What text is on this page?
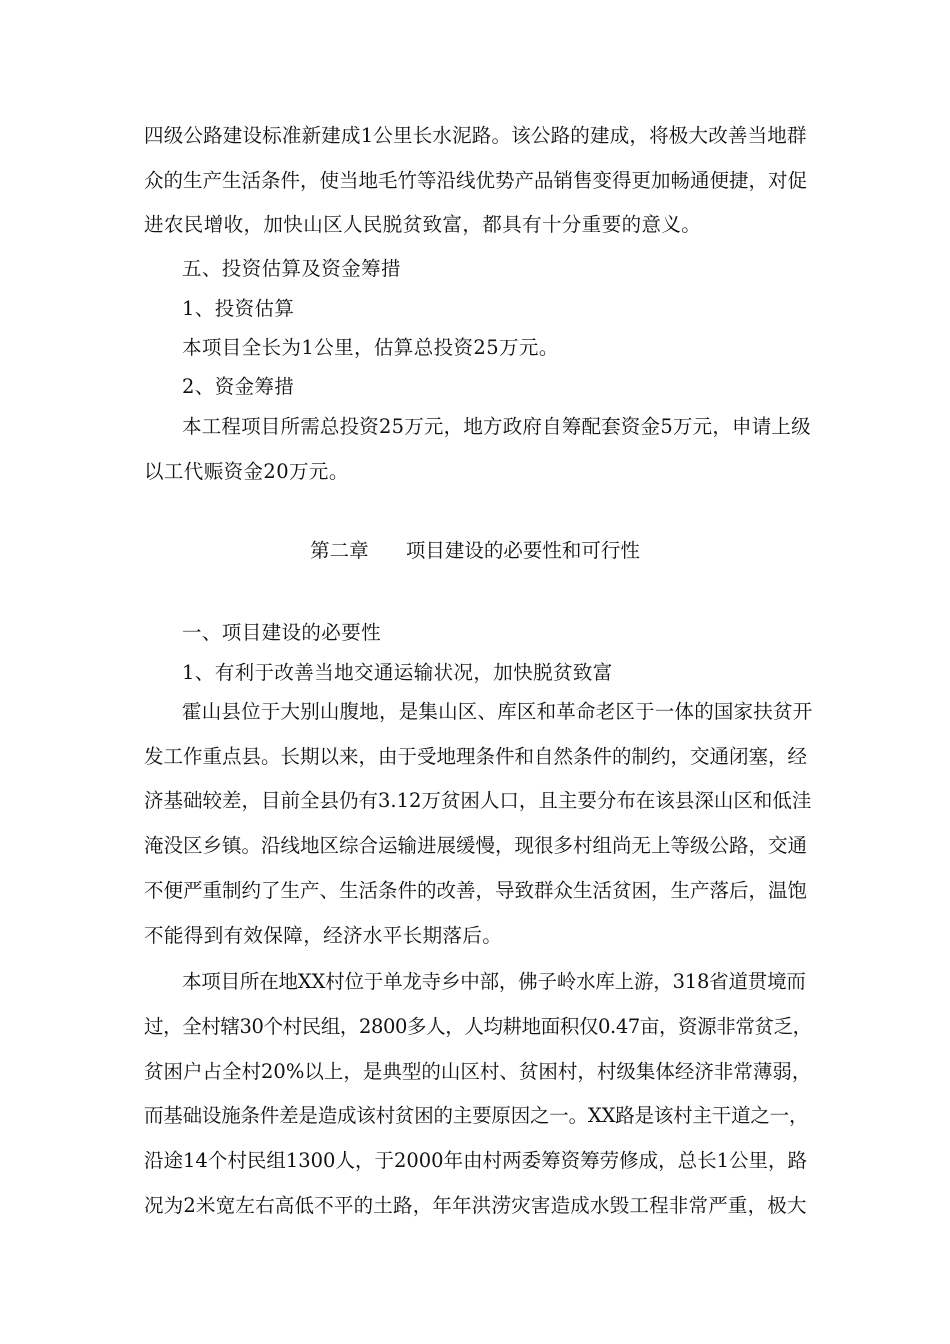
四级公路建设标准新建成1公里长水泥路。该公路的建成，将极大改善当地群
众的生产生活条件，使当地毛竹等沿线优势产品销售变得更加畅通便捷，对促
进农民增收，加快山区人民脱贫致富，都具有十分重要的意义。
五、投资估算及资金筹措
1、投资估算
本项目全长为1公里，估算总投资25万元。
2、资金筹措
本工程项目所需总投资25万元，地方政府自筹配套资金5万元，申请上级
以工代赈资金20万元。
第二章      项目建设的必要性和可行性
一、项目建设的必要性
1、有利于改善当地交通运输状况，加快脱贫致富
霍山县位于大别山腹地，是集山区、库区和革命老区于一体的国家扶贫开
发工作重点县。长期以来，由于受地理条件和自然条件的制约，交通闭塞，经
济基础较差，目前全县仍有3.12万贫困人口，且主要分布在该县深山区和低洼
淹没区乡镇。沿线地区综合运输进展缓慢，现很多村组尚无上等级公路，交通
不便严重制约了生产、生活条件的改善，导致群众生活贫困，生产落后，温饱
不能得到有效保障，经济水平长期落后。
本项目所在地XX村位于单龙寺乡中部，佛子岭水库上游，318省道贯境而
过，全村辖30个村民组，2800多人，人均耕地面积仅0.47亩，资源非常贫乏，
贫困户占全村20%以上，是典型的山区村、贫困村，村级集体经济非常薄弱，
而基础设施条件差是造成该村贫困的主要原因之一。XX路是该村主干道之一，
沿途14个村民组1300人，于2000年由村两委筹资筹劳修成，总长1公里，路
况为2米宽左右高低不平的土路，年年洪涝灾害造成水毁工程非常严重，极大
